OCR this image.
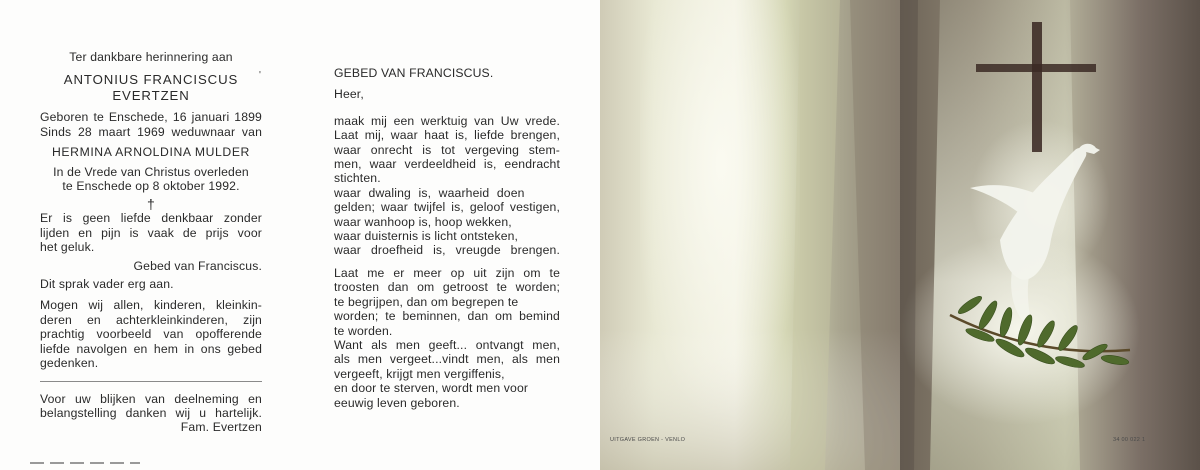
Ter dankbare herinnering aan
ANTONIUS FRANCISCUS
EVERTZEN
Geboren te Enschede, 16 januari 1899
Sinds 28 maart 1969 weduwnaar van
HERMINA ARNOLDINA MULDER
In de Vrede van Christus overleden
te Enschede op 8 oktober 1992.
†
Er is geen liefde denkbaar zonder
lijden en pijn is vaak de prijs voor
het geluk.
Gebed van Franciscus.
Dit sprak vader erg aan.
Mogen wij allen, kinderen, kleinkin-
deren en achterkleinkinderen, zijn
prachtig voorbeeld van opofferende
liefde navolgen en hem in ons gebed
gedenken.
Voor uw blijken van deelneming en
belangstelling danken wij u hartelijk.
Fam. Evertzen
'	GEBED VAN FRANCISCUS.
Heer,
maak mij een werktuig van Uw vrede.
Laat mij, waar haat is, liefde brengen,
waar onrecht is tot vergeving stem-
men, waar verdeeldheid is, eendracht
stichten.
waar dwaling is, waarheid doen
gelden; waar twijfel is, geloof vestigen,
waar wanhoop is, hoop wekken,
waar duisternis is licht ontsteken,
waar droefheid is, vreugde brengen.
Laat me er meer op uit zijn om te
troosten dan om getroost te worden;
te begrijpen, dan om begrepen te
worden; te beminnen, dan om bemind
te worden.
Want als men geeft... ontvangt men,
als men vergeet...vindt men, als men
vergeeft, krijgt men vergiffenis,
en door te sterven, wordt men voor
eeuwig leven geboren.
UITGAVE GROEN - VENLO	34 00 022 1
